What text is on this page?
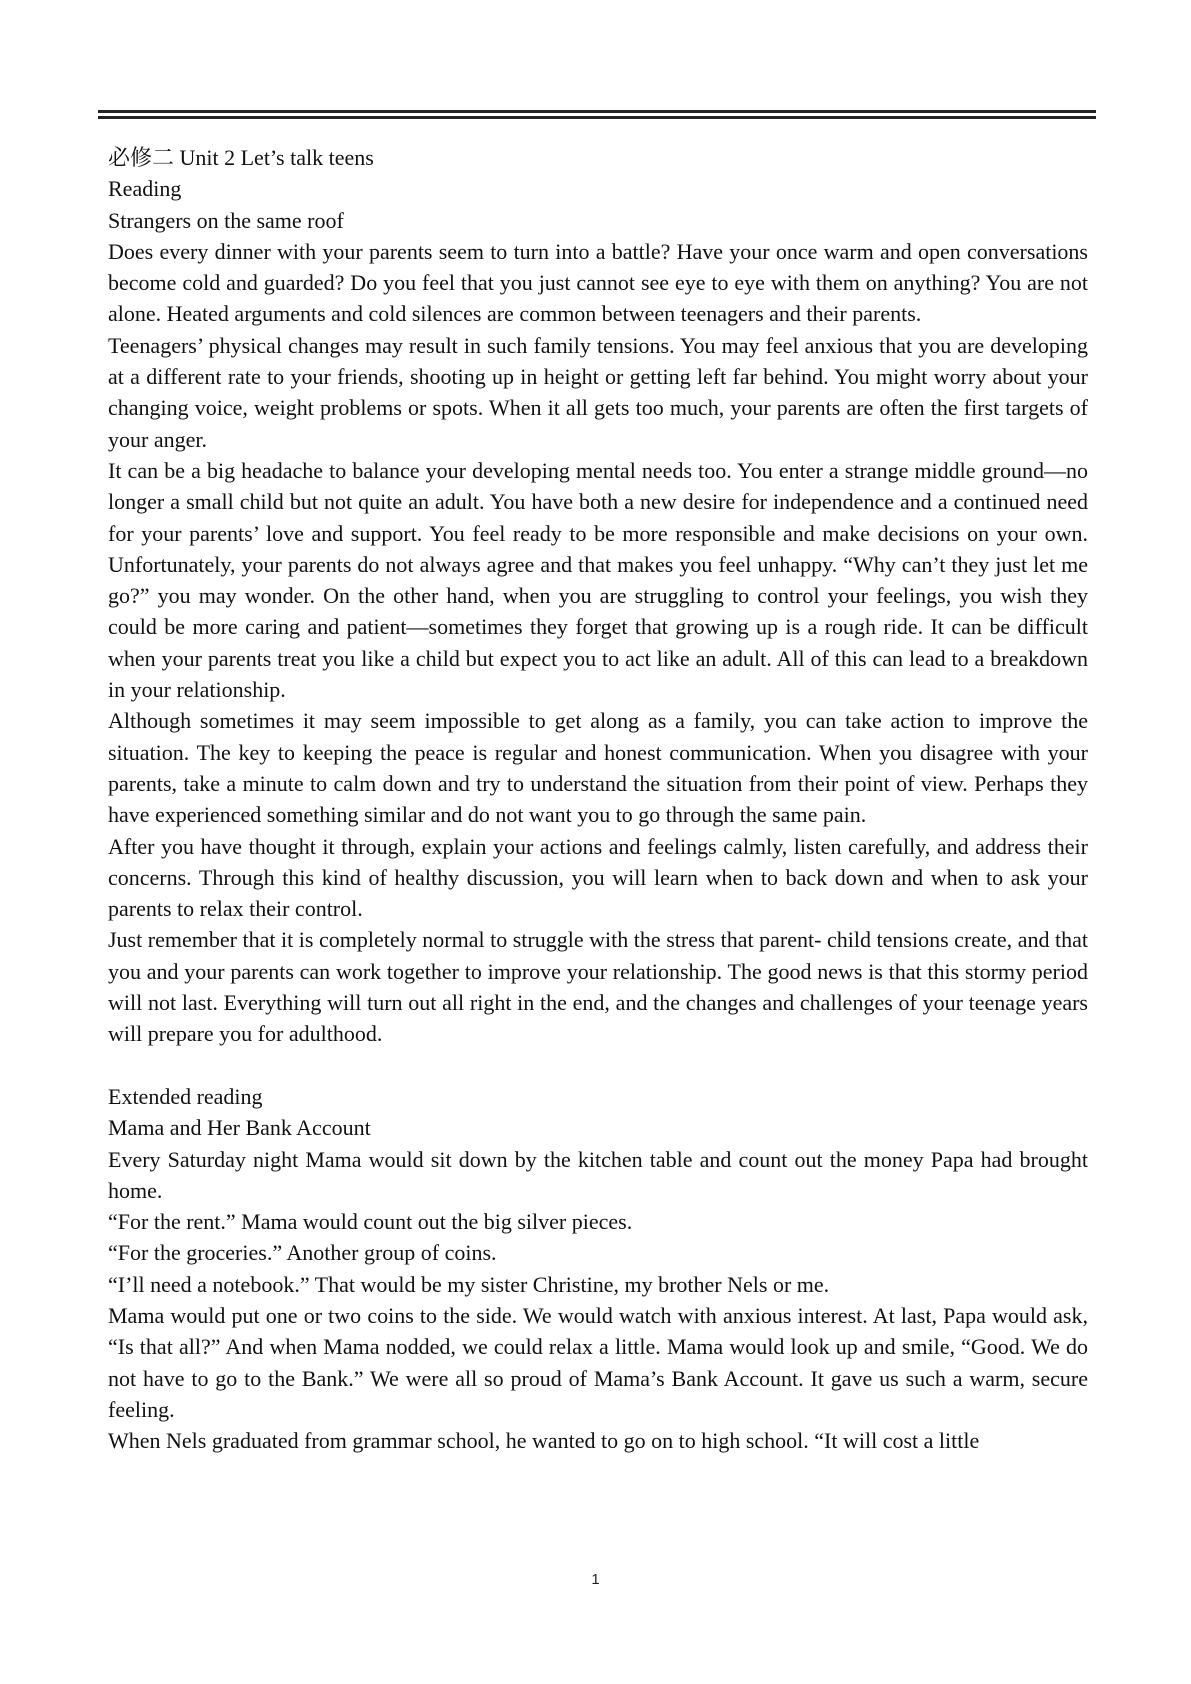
必修二 Unit 2 Let’s talk teens

Reading

Strangers on the same roof

Does every dinner with your parents seem to turn into a battle? Have your once warm and open conversations become cold and guarded? Do you feel that you just cannot see eye to eye with them on anything? You are not alone. Heated arguments and cold silences are common between teenagers and their parents.

Teenagers’ physical changes may result in such family tensions. You may feel anxious that you are developing at a different rate to your friends, shooting up in height or getting left far behind. You might worry about your changing voice, weight problems or spots. When it all gets too much, your parents are often the first targets of your anger.

It can be a big headache to balance your developing mental needs too. You enter a strange middle ground—no longer a small child but not quite an adult. You have both a new desire for independence and a continued need for your parents’ love and support. You feel ready to be more responsible and make decisions on your own. Unfortunately, your parents do not always agree and that makes you feel unhappy. “Why can’t they just let me go?” you may wonder. On the other hand, when you are struggling to control your feelings, you wish they could be more caring and patient—sometimes they forget that growing up is a rough ride. It can be difficult when your parents treat you like a child but expect you to act like an adult. All of this can lead to a breakdown in your relationship.

Although sometimes it may seem impossible to get along as a family, you can take action to improve the situation. The key to keeping the peace is regular and honest communication. When you disagree with your parents, take a minute to calm down and try to understand the situation from their point of view. Perhaps they have experienced something similar and do not want you to go through the same pain.

After you have thought it through, explain your actions and feelings calmly, listen carefully, and address their concerns. Through this kind of healthy discussion, you will learn when to back down and when to ask your parents to relax their control.

Just remember that it is completely normal to struggle with the stress that parent- child tensions create, and that you and your parents can work together to improve your relationship. The good news is that this stormy period will not last. Everything will turn out all right in the end, and the changes and challenges of your teenage years will prepare you for adulthood.

Extended reading

Mama and Her Bank Account

Every Saturday night Mama would sit down by the kitchen table and count out the money Papa had brought home.

“For the rent.” Mama would count out the big silver pieces.

“For the groceries.” Another group of coins.

“I’ll need a notebook.” That would be my sister Christine, my brother Nels or me.

Mama would put one or two coins to the side. We would watch with anxious interest. At last, Papa would ask, “Is that all?” And when Mama nodded, we could relax a little. Mama would look up and smile, “Good. We do not have to go to the Bank.” We were all so proud of Mama’s Bank Account. It gave us such a warm, secure feeling.

When Nels graduated from grammar school, he wanted to go on to high school. “It will cost a little

1
